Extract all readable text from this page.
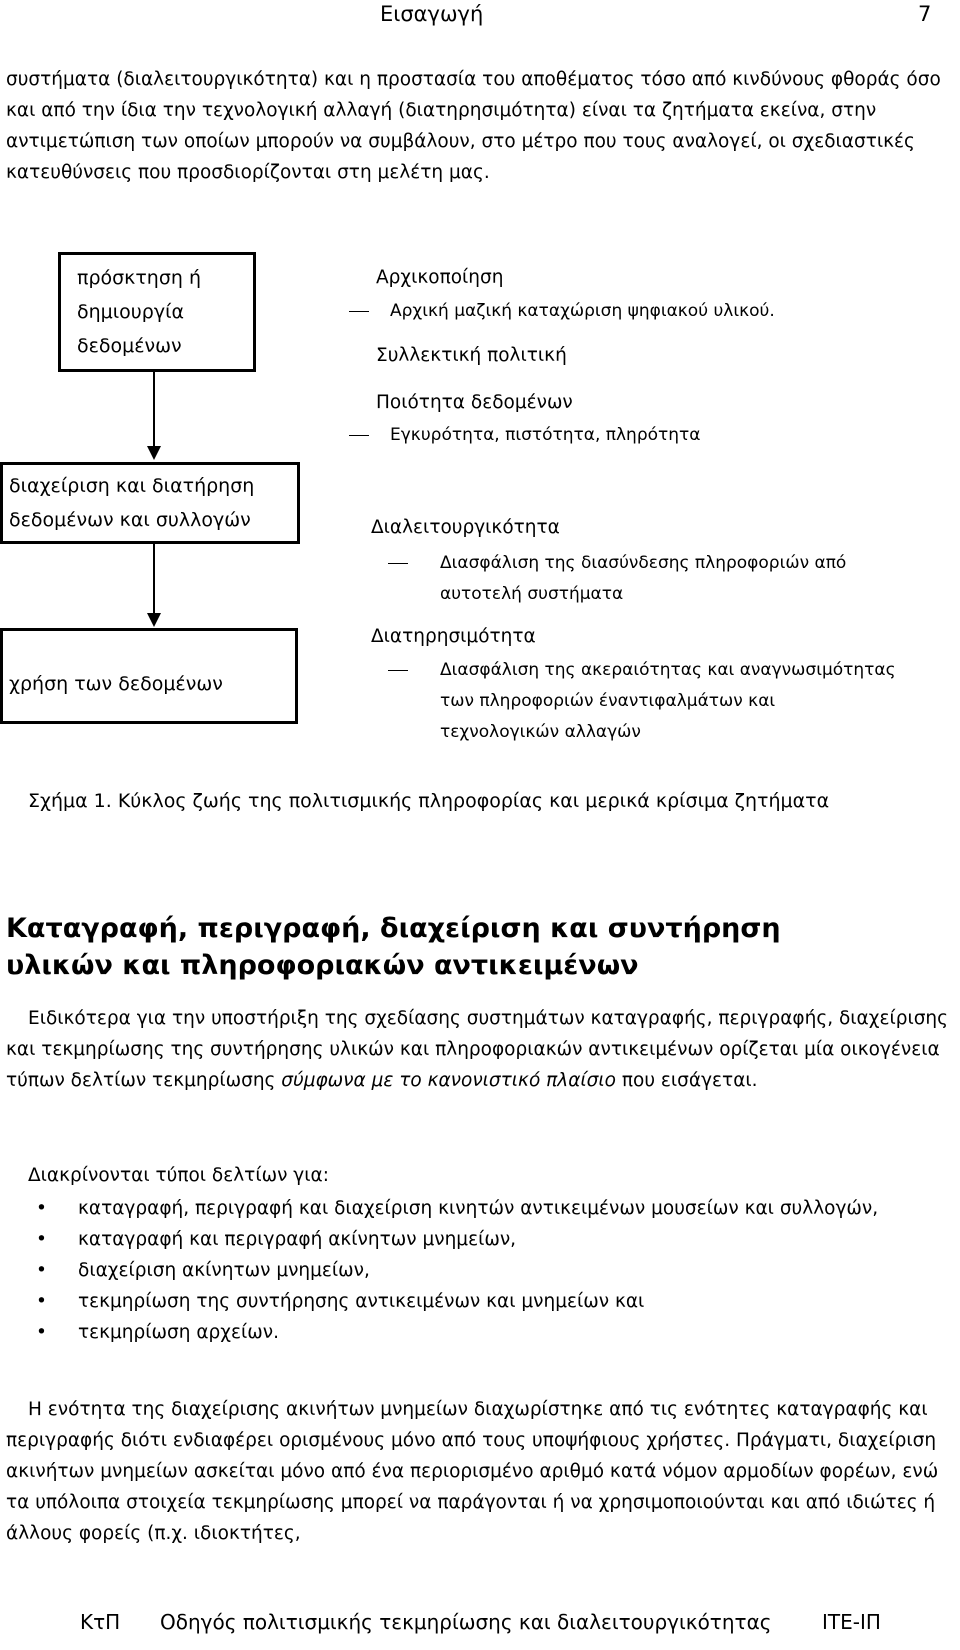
Εισαγωγή	7

συστήματα (διαλειτουργικότητα) και η προστασία του αποθέματος τόσο από κινδύνους φθοράς όσο και από την ίδια την τεχνολογική αλλαγή (διατηρησιμότητα) είναι τα ζητήματα εκείνα, στην αντιμετώπιση των οποίων μπορούν να συμβάλουν, στο μέτρο που τους αναλογεί, οι σχεδιαστικές κατευθύνσεις που προσδιορίζονται στη μελέτη μας.

πρόσκτηση ή
δημιουργία
δεδομένων
διαχείριση και διατήρηση
δεδομένων και συλλογών
χρήση των δεδομένων
Αρχικοποίηση
Αρχική μαζική καταχώριση ψηφιακού υλικού.
Συλλεκτική πολιτική
Ποιότητα δεδομένων
Εγκυρότητα, πιστότητα, πληρότητα
Διαλειτουργικότητα
Διασφάλιση της διασύνδεσης πληροφοριών από
αυτοτελή συστήματα
Διατηρησιμότητα
Διασφάλιση της ακεραιότητας και αναγνωσιμότητας
των πληροφοριών έναντιφαλμάτων και
τεχνολογικών αλλαγών
Σχήμα 1. Κύκλος ζωής της πολιτισμικής πληροφορίας και μερικά κρίσιμα ζητήματα
Καταγραφή, περιγραφή, διαχείριση και συντήρηση
υλικών και πληροφοριακών αντικειμένων

Ειδικότερα για την υποστήριξη της σχεδίασης συστημάτων καταγραφής, περιγραφής, διαχείρισης και τεκμηρίωσης της συντήρησης υλικών και πληροφοριακών αντικειμένων ορίζεται μία οικογένεια τύπων δελτίων τεκμηρίωσης σύμφωνα με το κανονιστικό πλαίσιο που εισάγεται.

Διακρίνονται τύποι δελτίων για:

• καταγραφή, περιγραφή και διαχείριση κινητών αντικειμένων μουσείων και συλλογών,
• καταγραφή και περιγραφή ακίνητων μνημείων,
• διαχείριση ακίνητων μνημείων,
• τεκμηρίωση της συντήρησης αντικειμένων και μνημείων και
• τεκμηρίωση αρχείων.

Η ενότητα της διαχείρισης ακινήτων μνημείων διαχωρίστηκε από τις ενότητες καταγραφής και περιγραφής διότι ενδιαφέρει ορισμένους μόνο από τους υποψήφιους χρήστες. Πράγματι, διαχείριση ακινήτων μνημείων ασκείται μόνο από ένα περιορισμένο αριθμό κατά νόμον αρμοδίων φορέων, ενώ τα υπόλοιπα στοιχεία τεκμηρίωσης μπορεί να παράγονται ή να χρησιμοποιούνται και από ιδιώτες ή άλλους φορείς (π.χ. ιδιοκτήτες,

ΚτΠ Οδηγός πολιτισμικής τεκμηρίωσης και διαλειτουργικότητας	ΙΤΕ-ΙΠ
